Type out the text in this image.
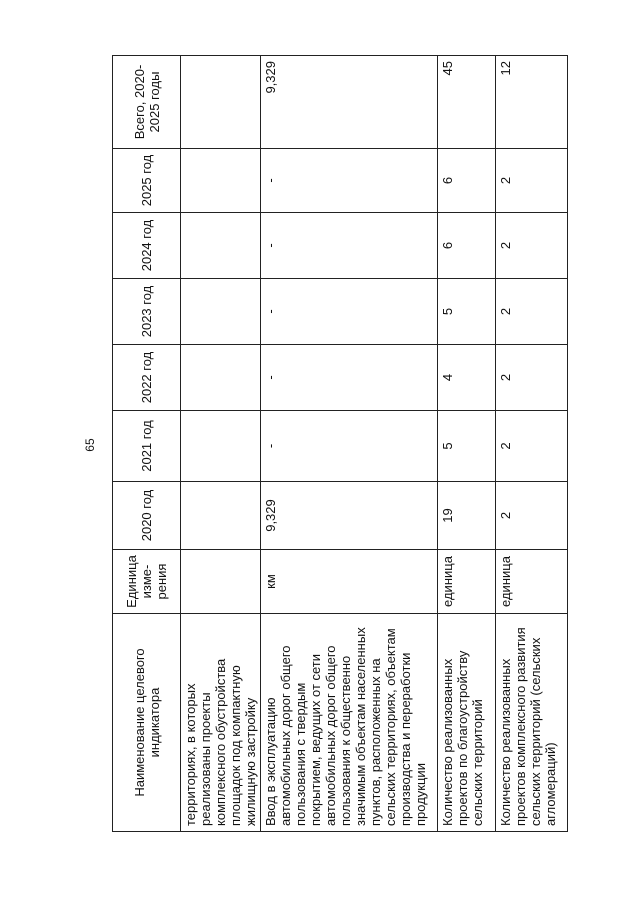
65
Наименование целевого индикатора	Единица изме-рения	2020 год	2021 год	2022 год	2023 год	2024 год	2025 год	Всего, 2020-2025 годы
территориях, в которых реализованы проекты комплексного обустройства площадок под компактную жилищную застройку								
Ввод в эксплуатацию автомобильных дорог общего пользования с твердым покрытием, ведущих от сети автомобильных дорог общего пользования к общественно значимым объектам населенных пунктов, расположенных на сельских территориях, объектам производства и переработки продукции	км	9,329	-	-	-	-	-	9,329
Количество реализованных проектов по благоустройству сельских территорий	единица	19	5	4	5	6	6	45
Количество реализованных проектов комплексного развития сельских территорий (сельских агломераций)	единица	2	2	2	2	2	2	12
